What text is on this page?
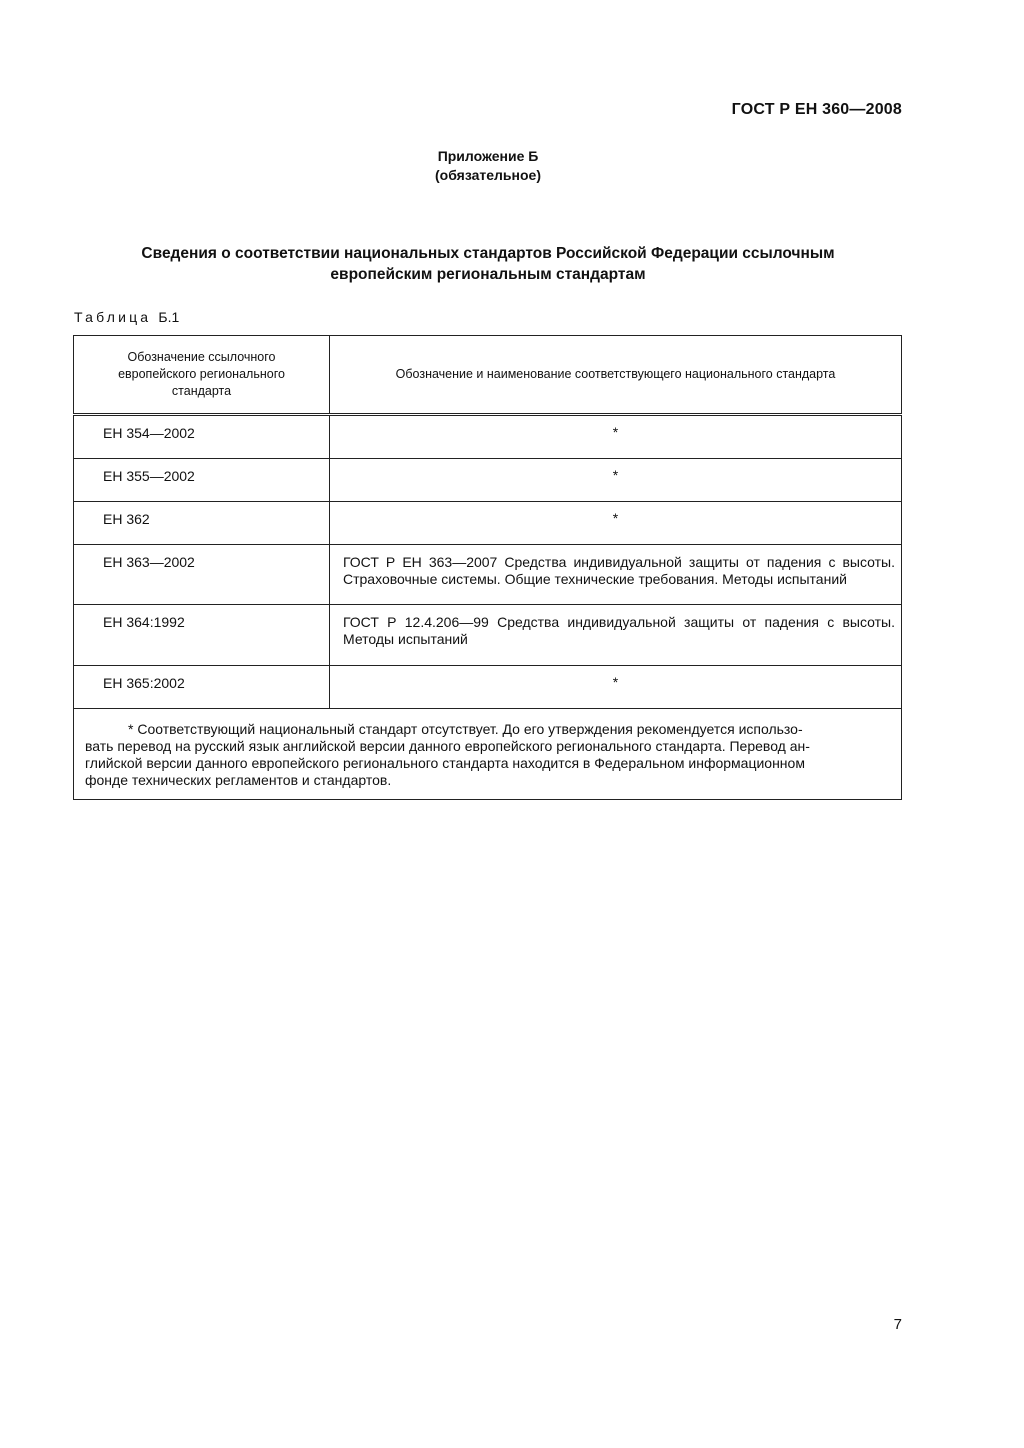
ГОСТ Р ЕН 360—2008
Приложение Б
(обязательное)
Сведения о соответствии национальных стандартов Российской Федерации ссылочным
европейским региональным стандартам
Таблица Б.1
Обозначение ссылочного европейского регионального стандарта	Обозначение и наименование соответствующего национального стандарта
ЕН 354—2002	*
ЕН 355—2002	*
ЕН 362	*
ЕН 363—2002	ГОСТ Р ЕН 363—2007 Средства индивидуальной защиты от падения с высоты. Страховочные системы. Общие технические требования. Методы испытаний
ЕН 364:1992	ГОСТ Р 12.4.206—99 Средства индивидуальной защиты от падения с высоты. Методы испытаний
ЕН 365:2002	*

* Соответствующий национальный стандарт отсутствует. До его утверждения рекомендуется использо-
вать перевод на русский язык английской версии данного европейского регионального стандарта. Перевод ан-
глийской версии данного европейского регионального стандарта находится в Федеральном информационном
фонде технических регламентов и стандартов.	
7
